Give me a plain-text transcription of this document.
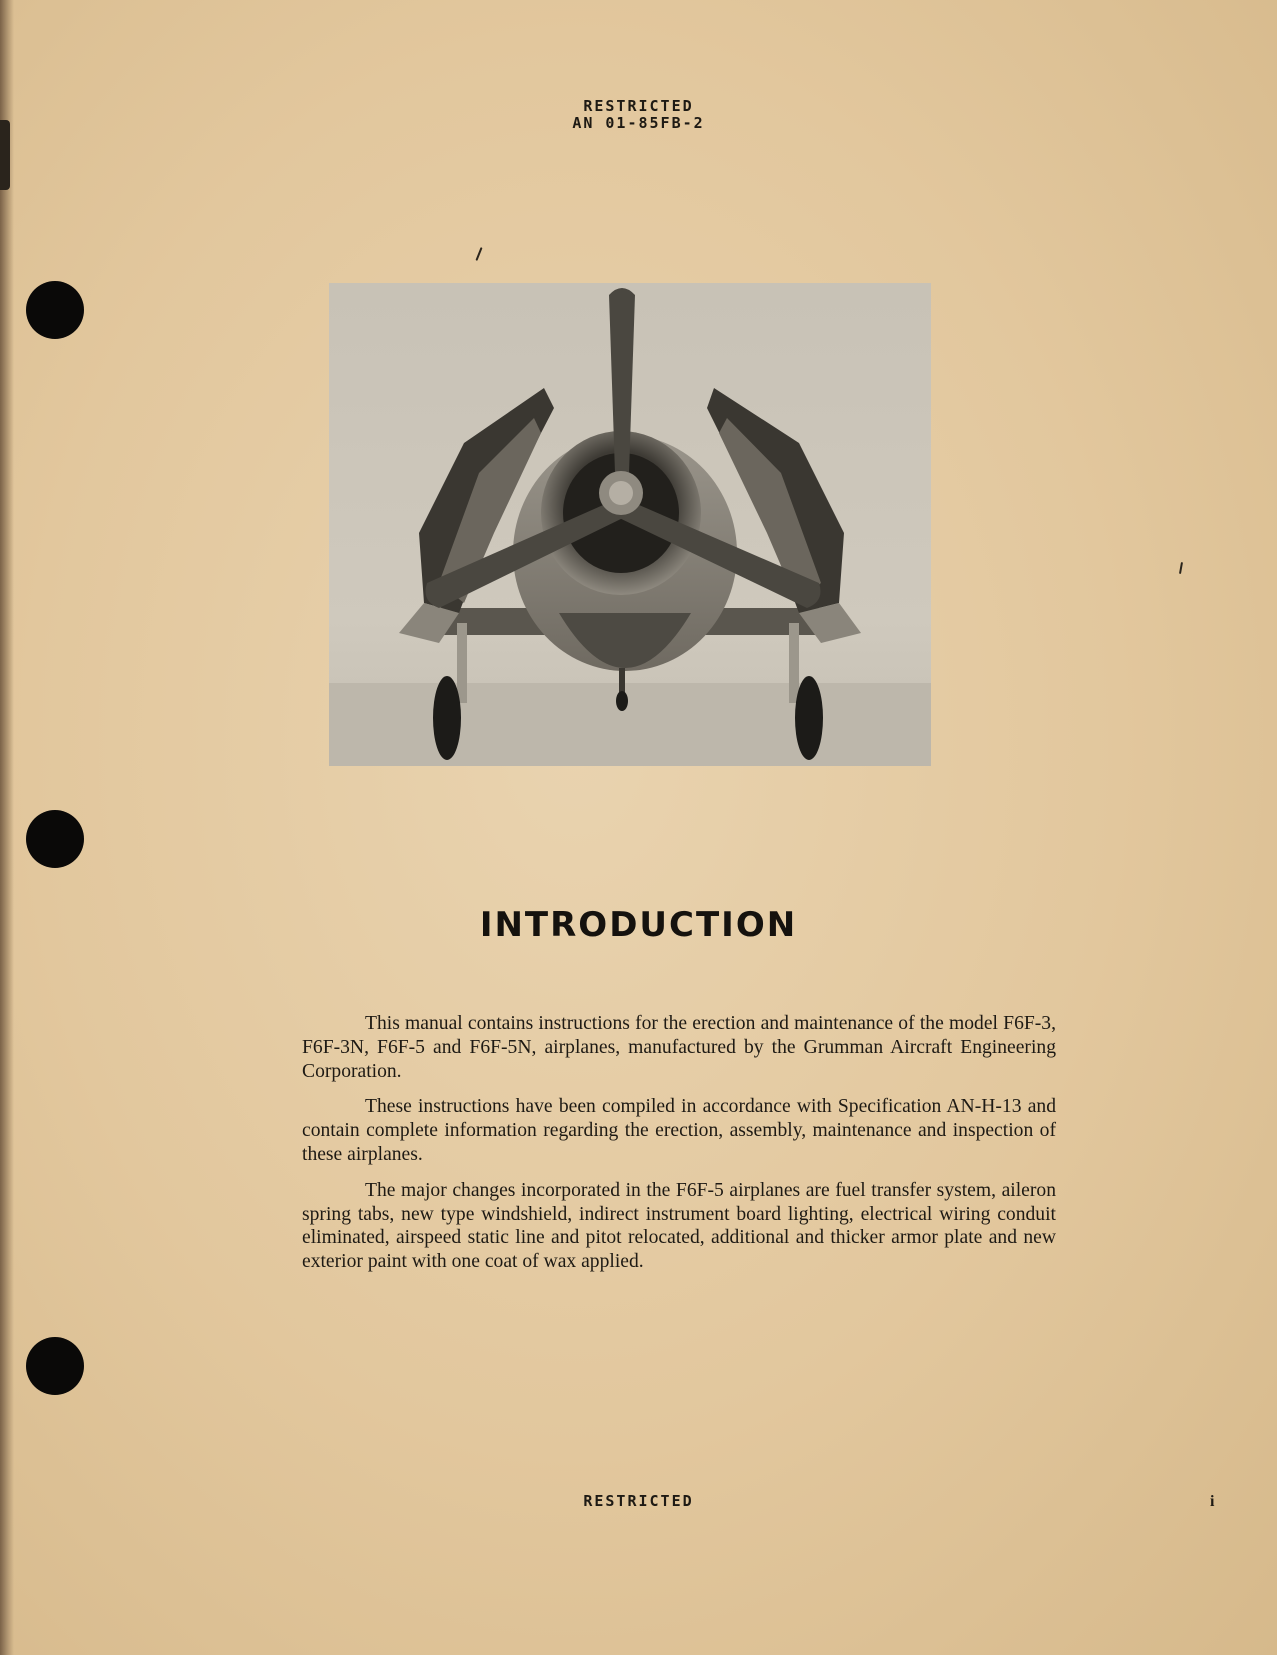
RESTRICTED
AN 01-85FB-2
INTRODUCTION

This manual contains instructions for the erection and maintenance of the model F6F-3, F6F-3N, F6F-5 and F6F-5N, airplanes, manufactured by the Grumman Aircraft Engineering Corporation.

These instructions have been compiled in accordance with Specification AN-H-13 and contain complete information regarding the erection, assembly, maintenance and inspection of these airplanes.

The major changes incorporated in the F6F-5 airplanes are fuel transfer system, aileron spring tabs, new type windshield, indirect instrument board lighting, electrical wiring conduit eliminated, airspeed static line and pitot relocated, additional and thicker armor plate and new exterior paint with one coat of wax applied.

RESTRICTED	i
